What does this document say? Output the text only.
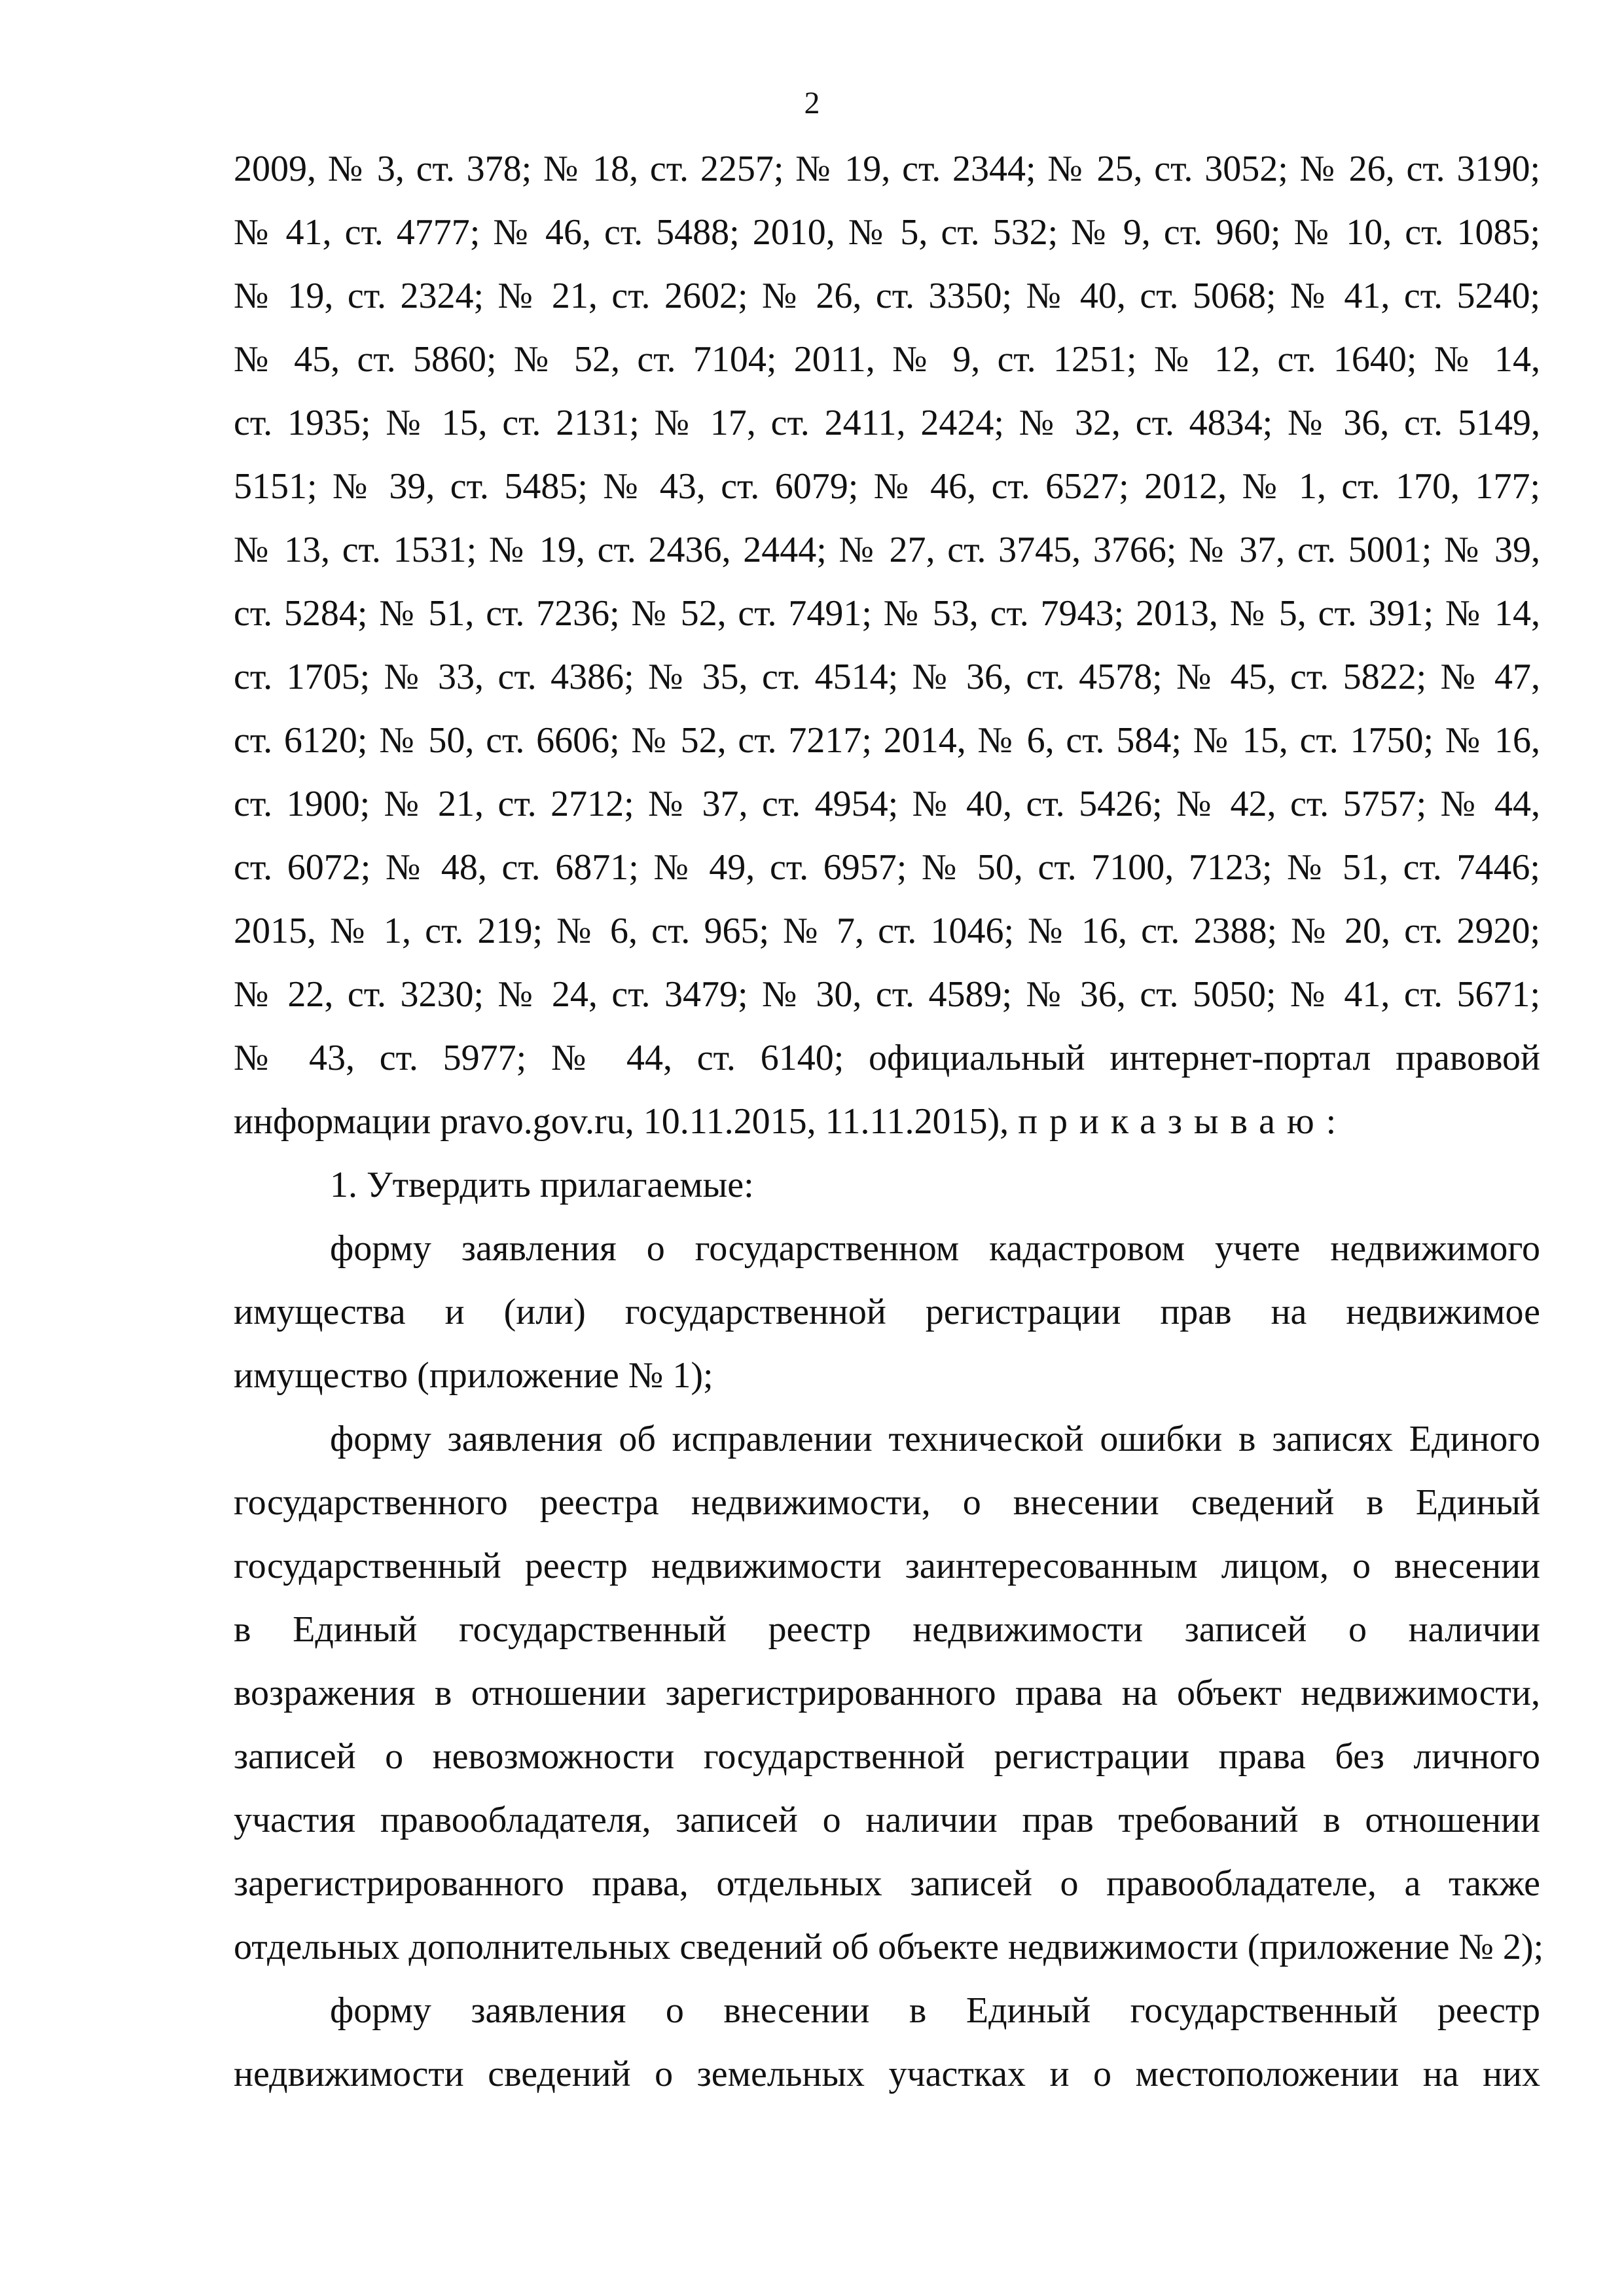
2
2009, № 3, ст. 378; № 18, ст. 2257; № 19, ст. 2344; № 25, ст. 3052; № 26, ст. 3190;
№ 41, ст. 4777; № 46, ст. 5488; 2010, № 5, ст. 532; № 9, ст. 960; № 10, ст. 1085;
№ 19, ст. 2324; № 21, ст. 2602; № 26, ст. 3350; № 40, ст. 5068; № 41, ст. 5240;
№ 45, ст. 5860; № 52, ст. 7104; 2011, № 9, ст. 1251; № 12, ст. 1640; № 14,
ст. 1935; № 15, ст. 2131; № 17, ст. 2411, 2424; № 32, ст. 4834; № 36, ст. 5149,
5151; № 39, ст. 5485; № 43, ст. 6079; № 46, ст. 6527; 2012, № 1, ст. 170, 177;
№ 13, ст. 1531; № 19, ст. 2436, 2444; № 27, ст. 3745, 3766; № 37, ст. 5001; № 39,
ст. 5284; № 51, ст. 7236; № 52, ст. 7491; № 53, ст. 7943; 2013, № 5, ст. 391; № 14,
ст. 1705; № 33, ст. 4386; № 35, ст. 4514; № 36, ст. 4578; № 45, ст. 5822; № 47,
ст. 6120; № 50, ст. 6606; № 52, ст. 7217; 2014, № 6, ст. 584; № 15, ст. 1750; № 16,
ст. 1900; № 21, ст. 2712; № 37, ст. 4954; № 40, ст. 5426; № 42, ст. 5757; № 44,
ст. 6072; № 48, ст. 6871; № 49, ст. 6957; № 50, ст. 7100, 7123; № 51, ст. 7446;
2015, № 1, ст. 219; № 6, ст. 965; № 7, ст. 1046; № 16, ст. 2388; № 20, ст. 2920;
№ 22, ст. 3230; № 24, ст. 3479; № 30, ст. 4589; № 36, ст. 5050; № 41, ст. 5671;
№ 43, ст. 5977; № 44, ст. 6140; официальный интернет-портал правовой
информации pravo.gov.ru, 10.11.2015, 11.11.2015), приказываю:
1. Утвердить прилагаемые:
форму заявления о государственном кадастровом учете недвижимого
имущества и (или) государственной регистрации прав на недвижимое
имущество (приложение № 1);
форму заявления об исправлении технической ошибки в записях Единого
государственного реестра недвижимости, о внесении сведений в Единый
государственный реестр недвижимости заинтересованным лицом, о внесении
в Единый государственный реестр недвижимости записей о наличии
возражения в отношении зарегистрированного права на объект недвижимости,
записей о невозможности государственной регистрации права без личного
участия правообладателя, записей о наличии прав требований в отношении
зарегистрированного права, отдельных записей о правообладателе, а также
отдельных дополнительных сведений об объекте недвижимости (приложение № 2);
форму заявления о внесении в Единый государственный реестр
недвижимости сведений о земельных участках и о местоположении на них
